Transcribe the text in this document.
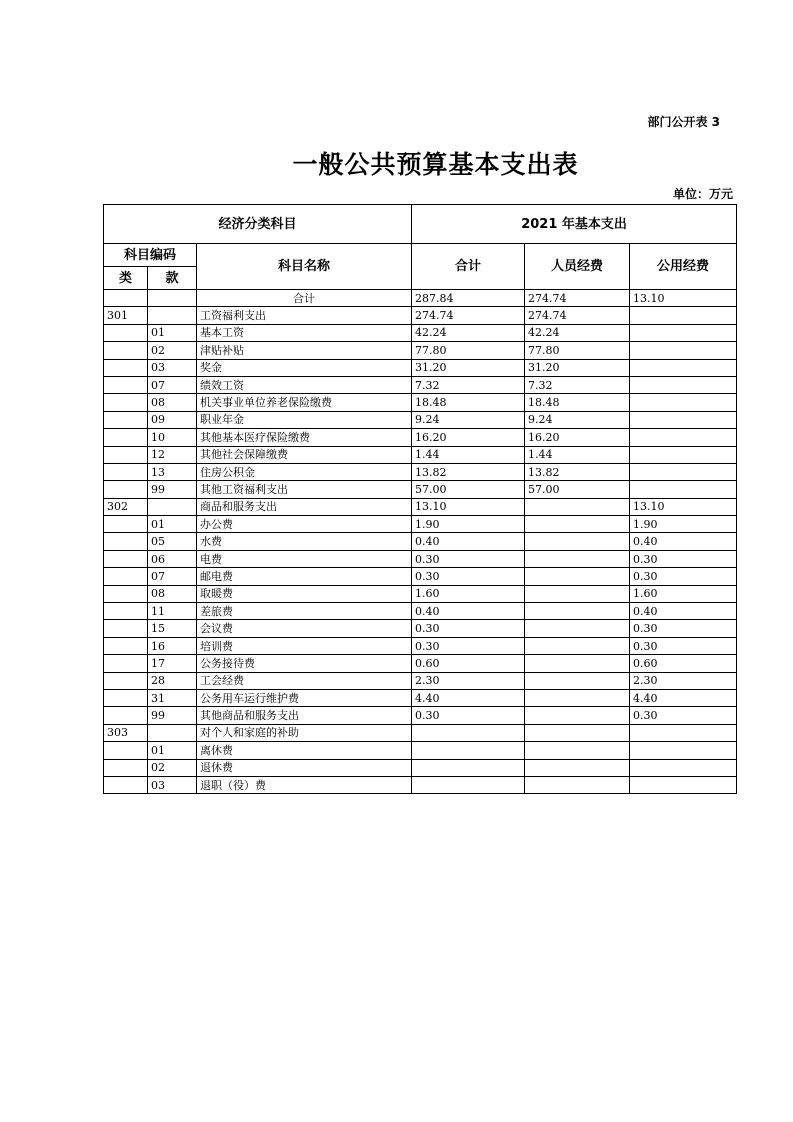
部门公开表 3
一般公共预算基本支出表
单位：万元
经济分类科目			2021 年基本支出		
科目编码		科目名称	合计	人员经费	公用经费
类	款				
		合计	287.84	274.74	13.10
301		工资福利支出	274.74	274.74	
	01	基本工资	42.24	42.24	
	02	津贴补贴	77.80	77.80	
	03	奖金	31.20	31.20	
	07	绩效工资	7.32	7.32	
	08	机关事业单位养老保险缴费	18.48	18.48	
	09	职业年金	9.24	9.24	
	10	其他基本医疗保险缴费	16.20	16.20	
	12	其他社会保障缴费	1.44	1.44	
	13	住房公积金	13.82	13.82	
	99	其他工资福利支出	57.00	57.00	
302		商品和服务支出	13.10		13.10
	01	办公费	1.90		1.90
	05	水费	0.40		0.40
	06	电费	0.30		0.30
	07	邮电费	0.30		0.30
	08	取暖费	1.60		1.60
	11	差旅费	0.40		0.40
	15	会议费	0.30		0.30
	16	培训费	0.30		0.30
	17	公务接待费	0.60		0.60
	28	工会经费	2.30		2.30
	31	公务用车运行维护费	4.40		4.40
	99	其他商品和服务支出	0.30		0.30
303		对个人和家庭的补助			
	01	离休费			
	02	退休费			
	03	退职（役）费			
